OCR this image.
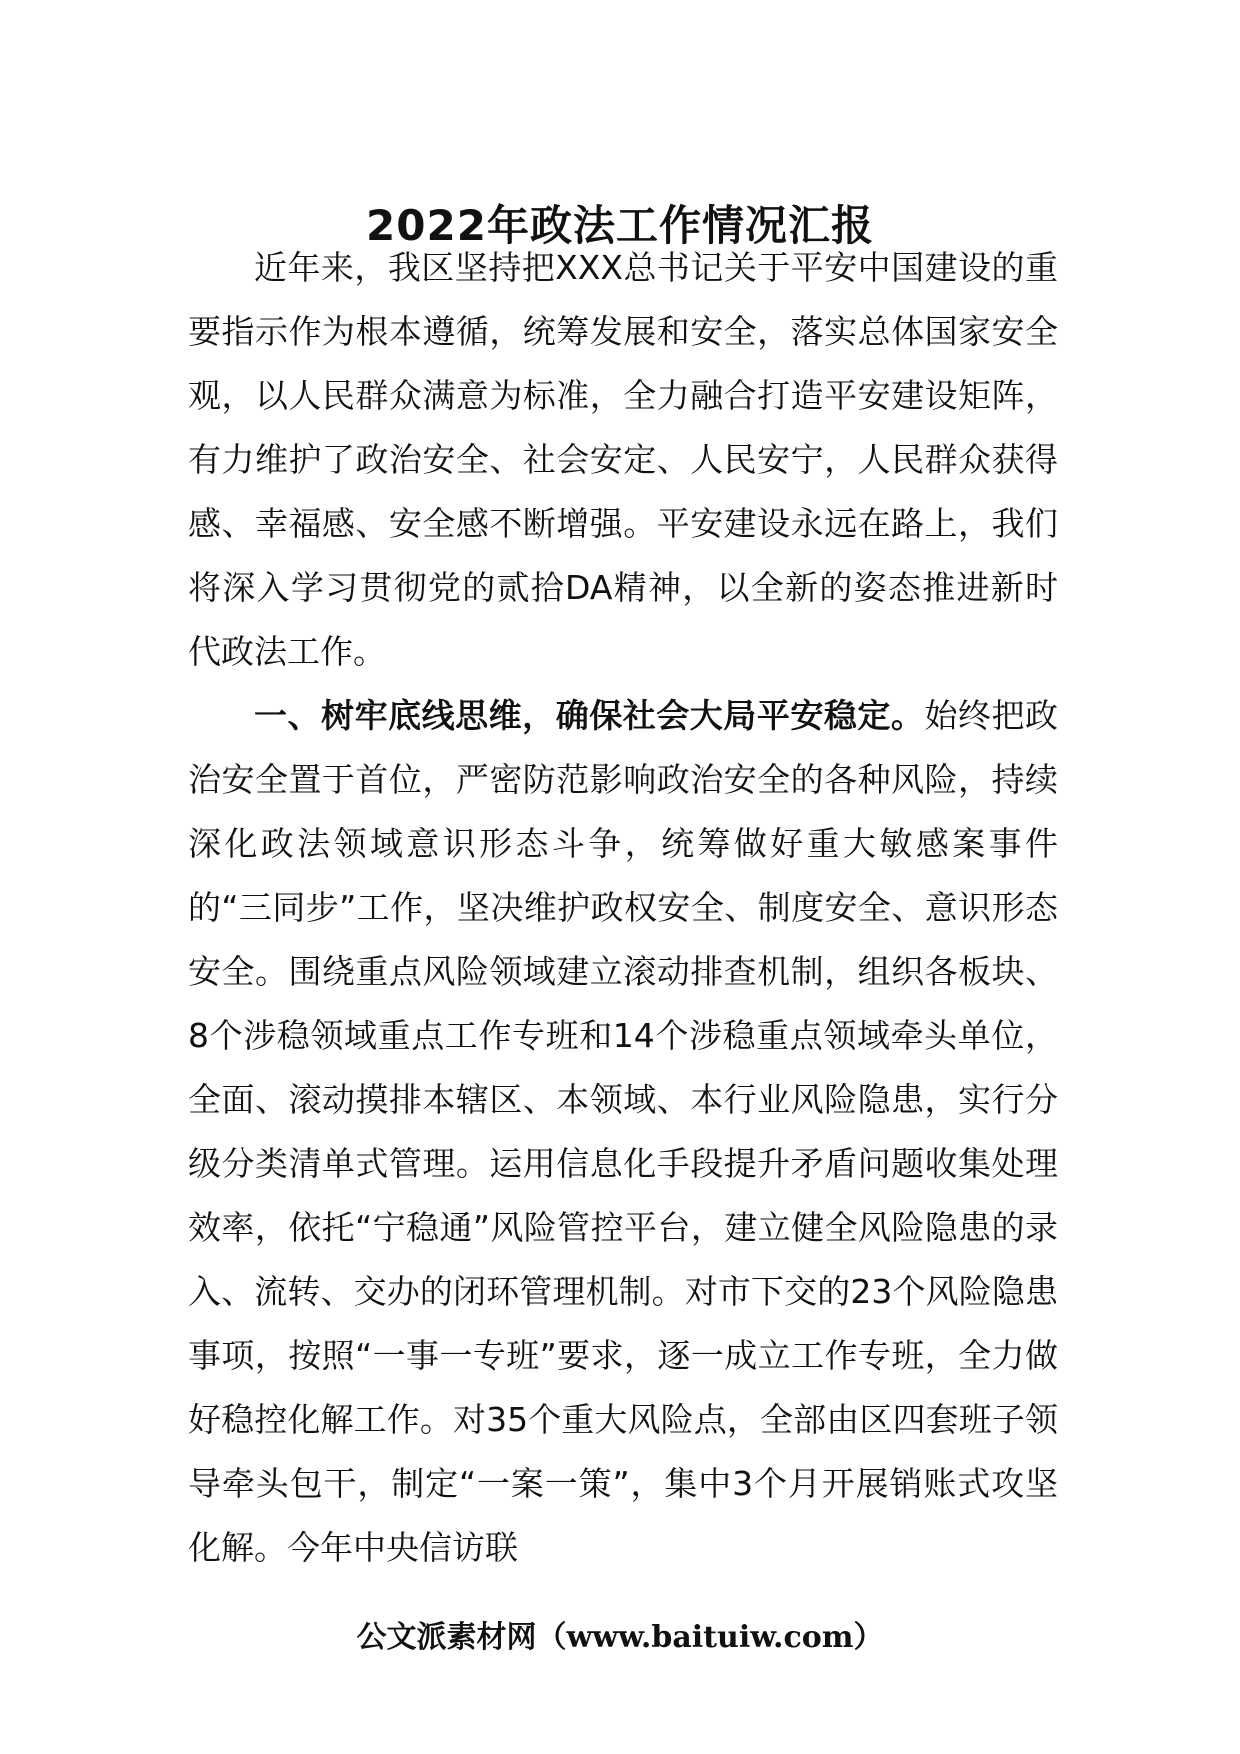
2022年政法工作情况汇报

近年来，我区坚持把XXX总书记关于平安中国建设的重要指示作为根本遵循，统筹发展和安全，落实总体国家安全观，以人民群众满意为标准，全力融合打造平安建设矩阵，有力维护了政治安全、社会安定、人民安宁，人民群众获得感、幸福感、安全感不断增强。平安建设永远在路上，我们将深入学习贯彻党的贰拾DA精神，以全新的姿态推进新时代政法工作。

一、树牢底线思维，确保社会大局平安稳定。始终把政治安全置于首位，严密防范影响政治安全的各种风险，持续深化政法领域意识形态斗争，统筹做好重大敏感案事件的“三同步”工作，坚决维护政权安全、制度安全、意识形态安全。围绕重点风险领域建立滚动排查机制，组织各板块、8个涉稳领域重点工作专班和14个涉稳重点领域牵头单位，全面、滚动摸排本辖区、本领域、本行业风险隐患，实行分级分类清单式管理。运用信息化手段提升矛盾问题收集处理效率，依托“宁稳通”风险管控平台，建立健全风险隐患的录入、流转、交办的闭环管理机制。对市下交的23个风险隐患事项，按照“一事一专班”要求，逐一成立工作专班，全力做好稳控化解工作。对35个重大风险点，全部由区四套班子领导牵头包干，制定“一案一策”，集中3个月开展销账式攻坚化解。今年中央信访联

公文派素材网（www.baituiw.com）
